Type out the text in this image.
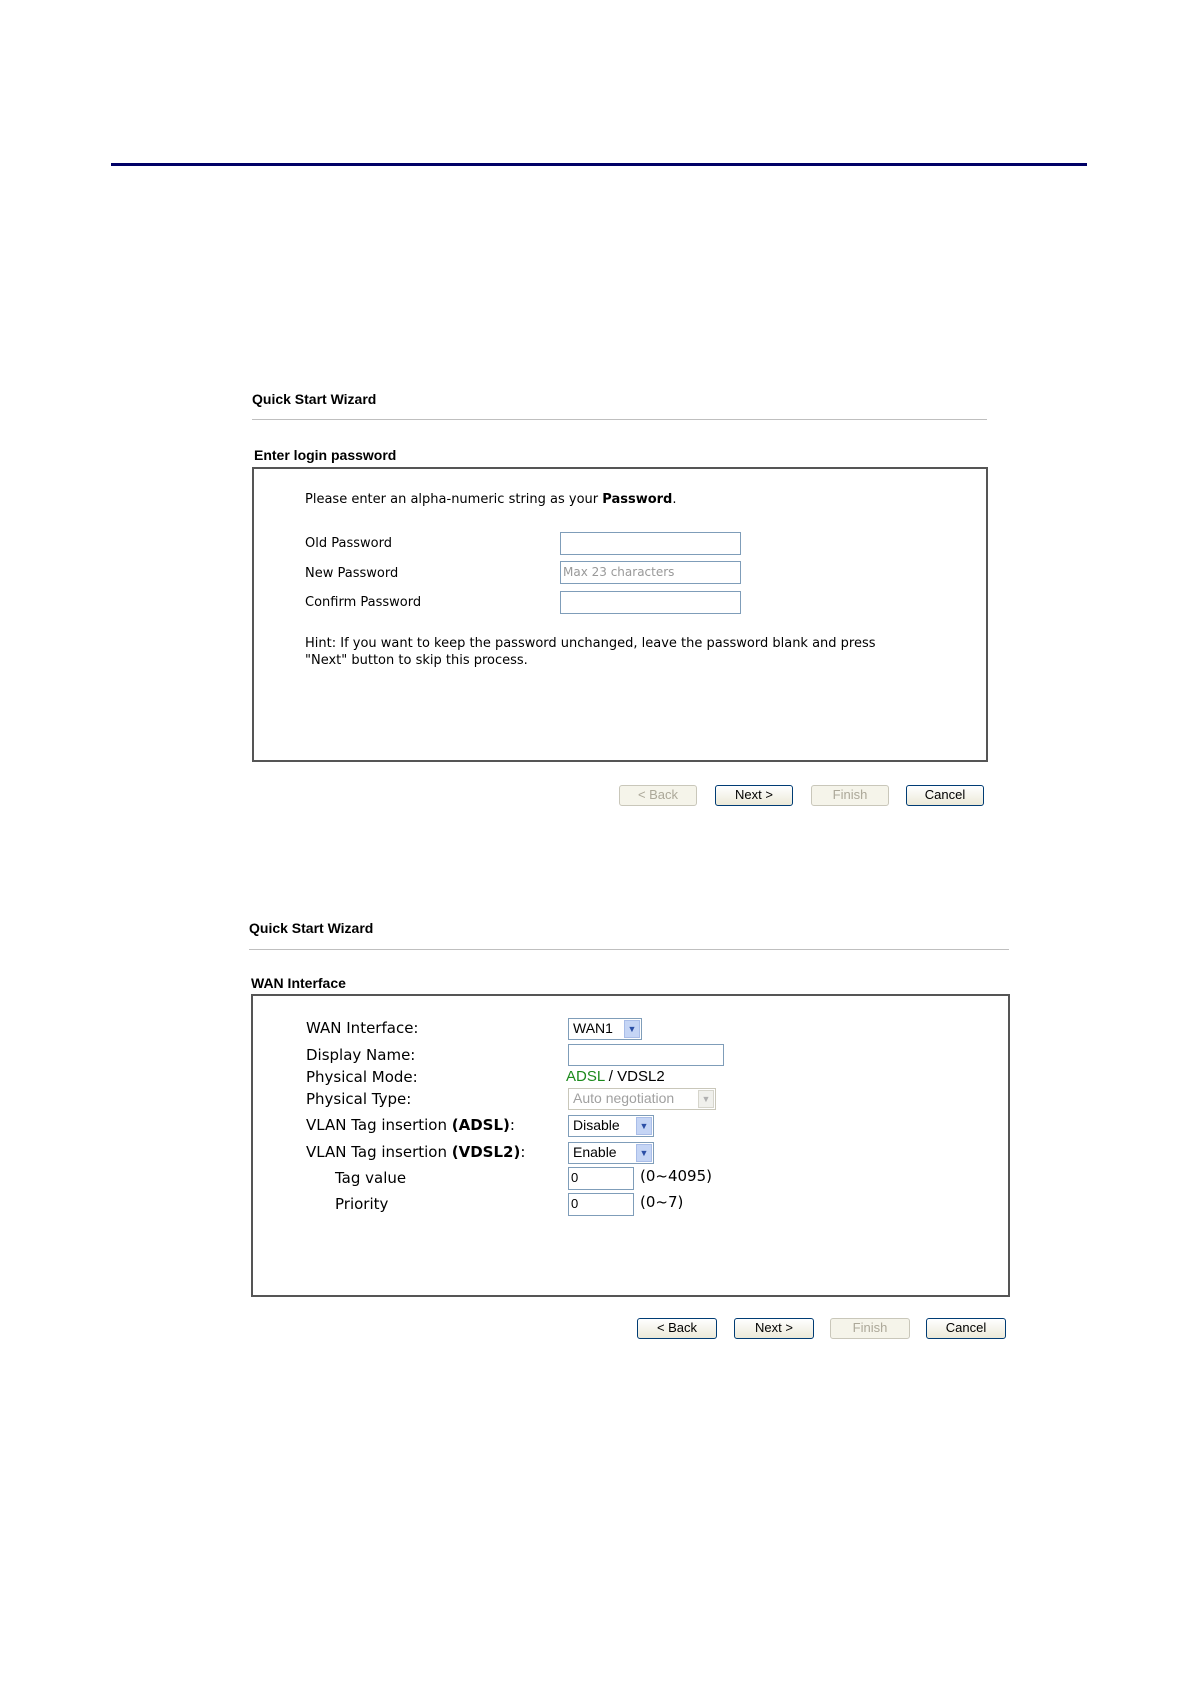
Quick Start Wizard
Enter login password
Please enter an alpha-numeric string as your Password.
Old Password
New Password	Max 23 characters
Confirm Password
Hint: If you want to keep the password unchanged, leave the password blank and press
"Next" button to skip this process.
< Back	Next >	Finish	Cancel
Quick Start Wizard
WAN Interface
WAN Interface:	WAN1	▼
Display Name:
Physical Mode:	ADSL / VDSL2
Physical Type:	Auto negotiation	▼
VLAN Tag insertion (ADSL):	Disable	▼
VLAN Tag insertion (VDSL2):	Enable	▼
Tag value	0	(0~4095)
Priority	0	(0~7)
< Back	Next >	Finish	Cancel
